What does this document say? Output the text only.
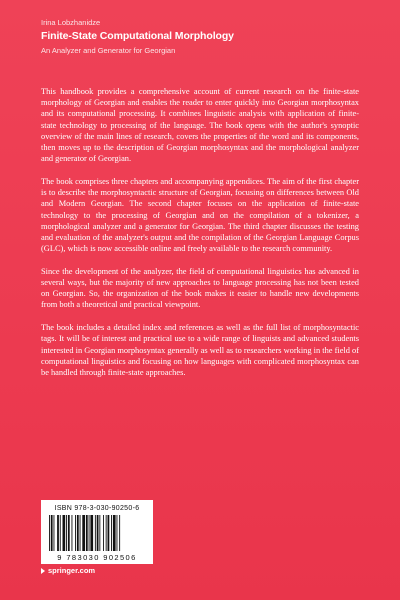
Irina Lobzhanidze
Finite-State Computational Morphology
An Analyzer and Generator for Georgian

This handbook provides a comprehensive account of current research on the finite-state morphology of Georgian and enables the reader to enter quickly into Georgian morphosyntax and its computational processing. It combines linguistic analysis with application of finite-state technology to processing of the language. The book opens with the author's synoptic overview of the main lines of research, covers the properties of the word and its components, then moves up to the description of Georgian morphosyntax and the morphological analyzer and generator of Georgian.

The book comprises three chapters and accompanying appendices. The aim of the first chapter is to describe the morphosyntactic structure of Georgian, focusing on differences between Old and Modern Georgian. The second chapter focuses on the application of finite-state technology to the processing of Georgian and on the compilation of a tokenizer, a morphological analyzer and a generator for Georgian. The third chapter discusses the testing and evaluation of the analyzer's output and the compilation of the Georgian Language Corpus (GLC), which is now accessible online and freely available to the research community.

Since the development of the analyzer, the field of computational linguistics has advanced in several ways, but the majority of new approaches to language processing has not been tested on Georgian. So, the organization of the book makes it easier to handle new developments from both a theoretical and practical viewpoint.

The book includes a detailed index and references as well as the full list of morphosyntactic tags. It will be of interest and practical use to a wide range of linguists and advanced students interested in Georgian morphosyntax generally as well as to researchers working in the field of computational linguistics and focusing on how languages with complicated morphosyntax can be handled through finite-state approaches.

ISBN 978-3-030-90250-6
9 783030 902506
springer.com
